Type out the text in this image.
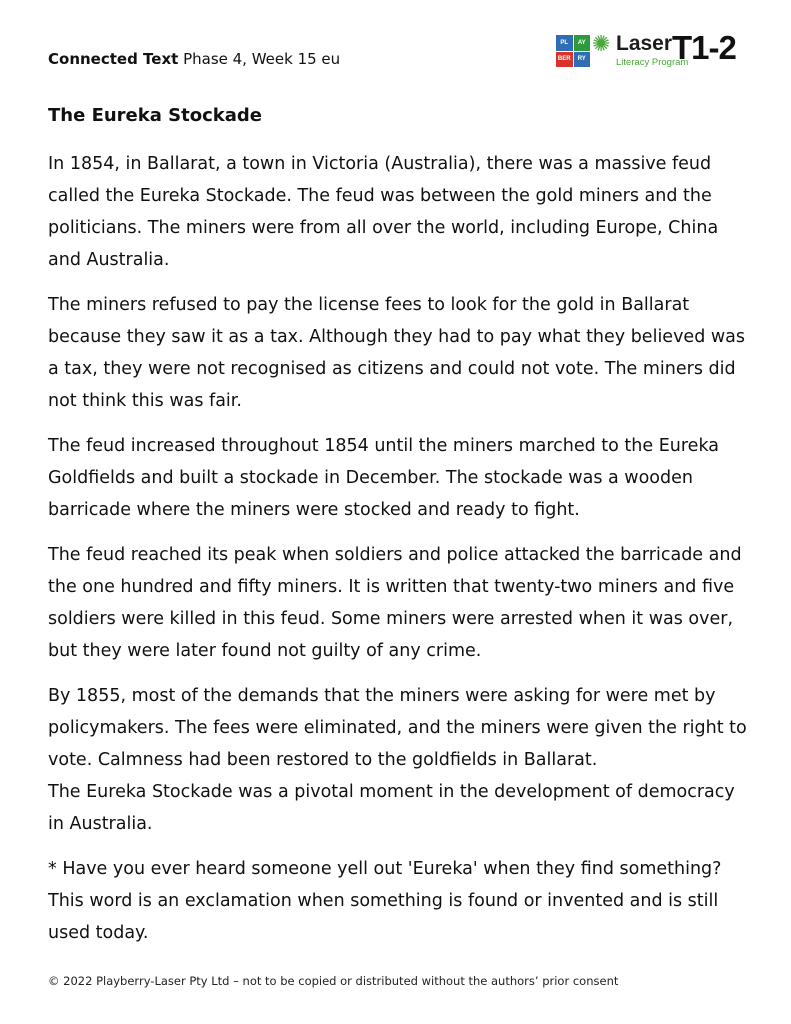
Connected Text Phase 4, Week 15 eu
PL	AY
BER	RY
✺ Laser
Literacy Program
T1-2
The Eureka Stockade

In 1854, in Ballarat, a town in Victoria (Australia), there was a massive feud called the Eureka Stockade. The feud was between the gold miners and the politicians. The miners were from all over the world, including Europe, China and Australia.

The miners refused to pay the license fees to look for the gold in Ballarat because they saw it as a tax. Although they had to pay what they believed was a tax, they were not recognised as citizens and could not vote. The miners did not think this was fair.

The feud increased throughout 1854 until the miners marched to the Eureka Goldfields and built a stockade in December. The stockade was a wooden barricade where the miners were stocked and ready to fight.

The feud reached its peak when soldiers and police attacked the barricade and the one hundred and fifty miners. It is written that twenty-two miners and five soldiers were killed in this feud. Some miners were arrested when it was over, but they were later found not guilty of any crime.

By 1855, most of the demands that the miners were asking for were met by policymakers. The fees were eliminated, and the miners were given the right to vote. Calmness had been restored to the goldfields in Ballarat.
The Eureka Stockade was a pivotal moment in the development of democracy in Australia.

* Have you ever heard someone yell out 'Eureka' when they find something? This word is an exclamation when something is found or invented and is still used today.

© 2022 Playberry-Laser Pty Ltd – not to be copied or distributed without the authors’ prior consent
